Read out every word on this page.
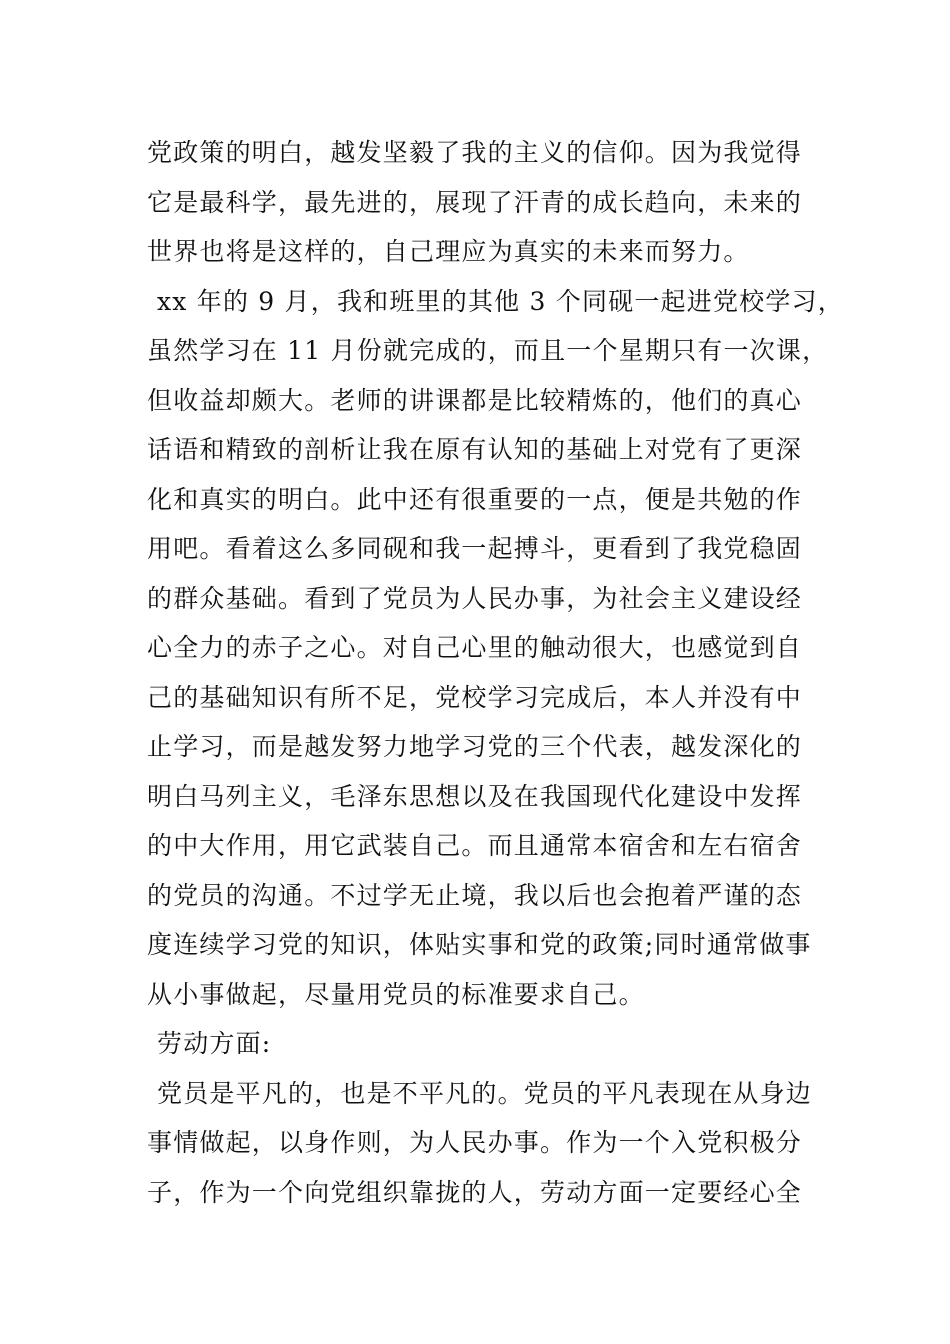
党政策的明白，越发坚毅了我的主义的信仰。因为我觉得
它是最科学，最先进的，展现了汗青的成长趋向，未来的
世界也将是这样的，自己理应为真实的未来而努力。
xx 年的 9 月，我和班里的其他 3 个同砚一起进党校学习，
虽然学习在 11 月份就完成的，而且一个星期只有一次课，
但收益却颇大。老师的讲课都是比较精炼的，他们的真心
话语和精致的剖析让我在原有认知的基础上对党有了更深
化和真实的明白。此中还有很重要的一点，便是共勉的作
用吧。看着这么多同砚和我一起搏斗，更看到了我党稳固
的群众基础。看到了党员为人民办事，为社会主义建设经
心全力的赤子之心。对自己心里的触动很大，也感觉到自
己的基础知识有所不足，党校学习完成后，本人并没有中
止学习，而是越发努力地学习党的三个代表，越发深化的
明白马列主义，毛泽东思想以及在我国现代化建设中发挥
的中大作用，用它武装自己。而且通常本宿舍和左右宿舍
的党员的沟通。不过学无止境，我以后也会抱着严谨的态
度连续学习党的知识，体贴实事和党的政策;同时通常做事
从小事做起，尽量用党员的标准要求自己。
劳动方面:
党员是平凡的，也是不平凡的。党员的平凡表现在从身边
事情做起，以身作则，为人民办事。作为一个入党积极分
子，作为一个向党组织靠拢的人，劳动方面一定要经心全
